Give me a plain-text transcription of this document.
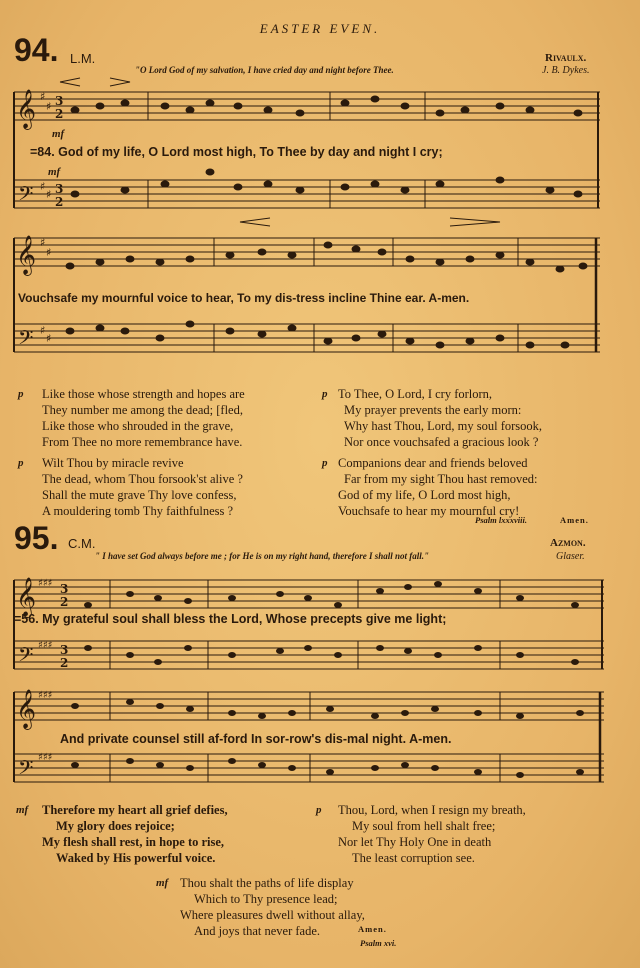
EASTER EVEN.
94. L.M.	Rivaulx.
"O Lord God of my salvation, I have cried day and night before Thee.	J. B. Dykes.
𝄞
𝄢
𝄞
𝄢
♯
♯
♯
♯
♯
♯
♯
♯
3
2
3
2
mf
=84. God of my life, O Lord most high, To Thee by day and night I cry;
mf
Vouchsafe my mournful voice to hear, To my dis-tress incline Thine ear. A-men.
p Like those whose strength and hopes are
They number me among the dead; [fled,
Like those who shrouded in the grave,
From Thee no more remembrance have.
p To Thee, O Lord, I cry forlorn,
My prayer prevents the early morn:
Why hast Thou, Lord, my soul forsook,
Nor once vouchsafed a gracious look ?
p Wilt Thou by miracle revive
The dead, whom Thou forsook'st alive ?
Shall the mute grave Thy love confess,
A mouldering tomb Thy faithfulness ?
p Companions dear and friends beloved
Far from my sight Thou hast removed:
God of my life, O Lord most high,
Vouchsafe to hear my mournful cry!
Psalm lxxxviii.	Amen.
95. C.M.	Azmon.
" I have set God always before me ; for He is on my right hand, therefore I shall not fall."	Glaser.
𝄞
𝄢
𝄞
𝄢
♯♯♯
♯♯♯
♯♯♯
♯♯♯
3
2
3
2
=56. My grateful soul shall bless the Lord, Whose precepts give me light;
And private counsel still af-ford In sor-row's dis-mal night. A-men.
mf Therefore my heart all grief defies,
My glory does rejoice;
My flesh shall rest, in hope to rise,
Waked by His powerful voice.
p Thou, Lord, when I resign my breath,
My soul from hell shalt free;
Nor let Thy Holy One in death
The least corruption see.
mf Thou shalt the paths of life display
Which to Thy presence lead;
Where pleasures dwell without allay,
And joys that never fade.	Amen.
Psalm xvi.
